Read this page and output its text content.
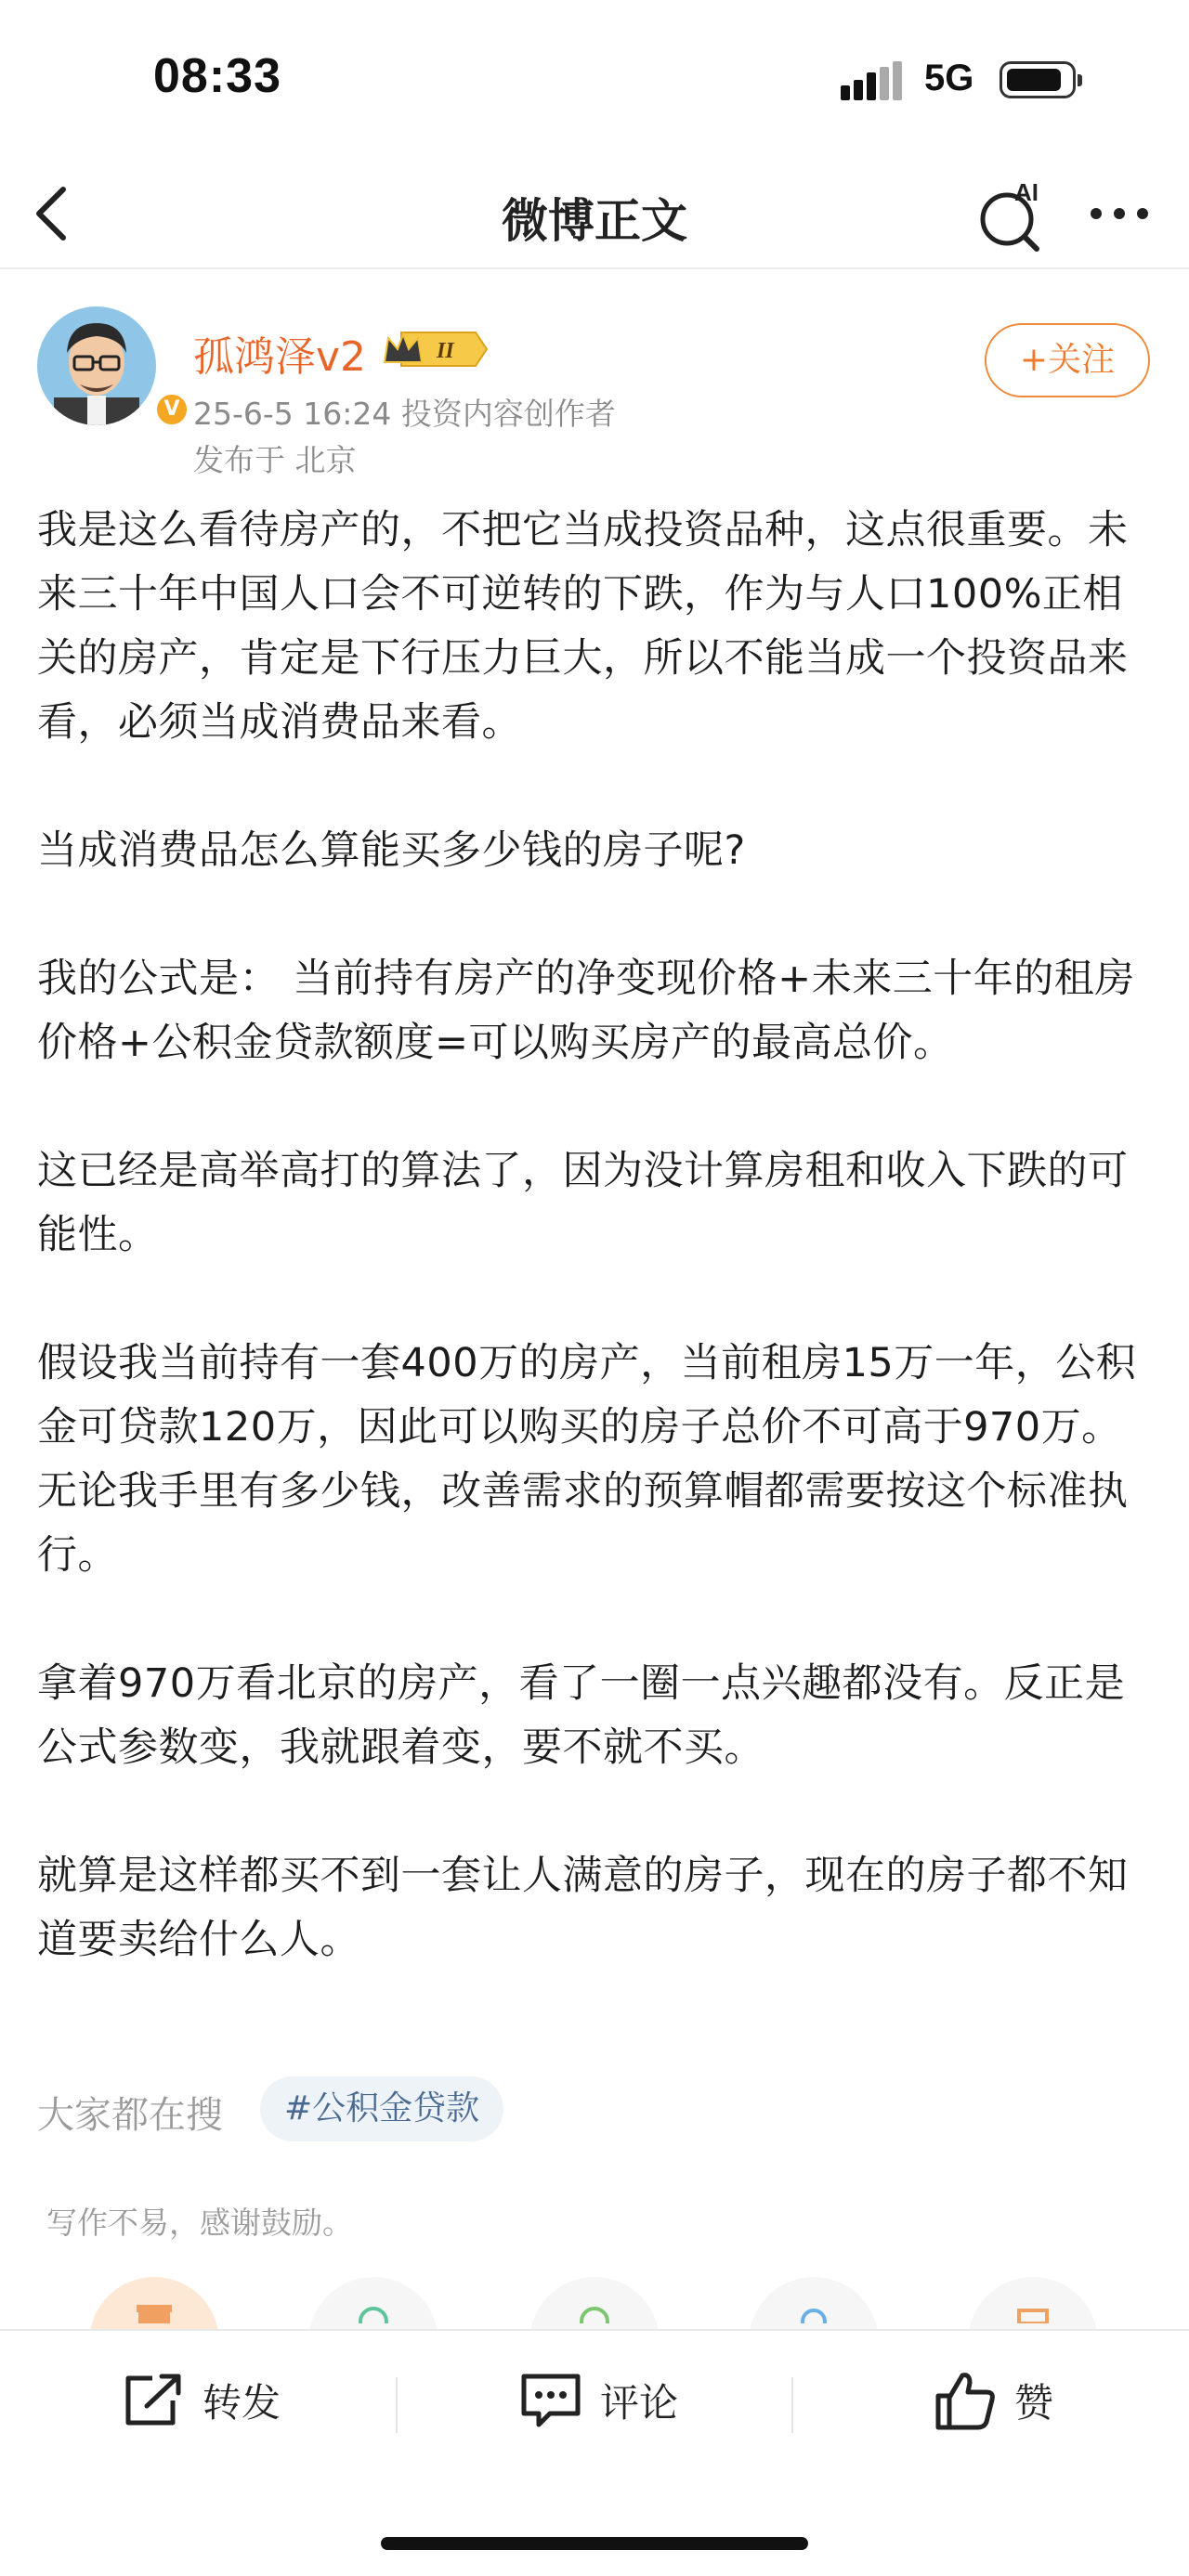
08:33	5G
微博正文
AI
V
孤鸿泽v2	II
25-6-5 16:24 投资内容创作者
发布于 北京
+关注

我是这么看待房产的，不把它当成投资品种，这点很重要。未来三十年中国人口会不可逆转的下跌，作为与人口100%正相关的房产，肯定是下行压力巨大，所以不能当成一个投资品来看，必须当成消费品来看。

当成消费品怎么算能买多少钱的房子呢?

我的公式是： 当前持有房产的净变现价格+未来三十年的租房价格+公积金贷款额度=可以购买房产的最高总价。

这已经是高举高打的算法了，因为没计算房租和收入下跌的可能性。

假设我当前持有一套400万的房产，当前租房15万一年，公积金可贷款120万，因此可以购买的房子总价不可高于970万。无论我手里有多少钱，改善需求的预算帽都需要按这个标准执行。

拿着970万看北京的房产，看了一圈一点兴趣都没有。反正是公式参数变，我就跟着变，要不就不买。

就算是这样都买不到一套让人满意的房子，现在的房子都不知道要卖给什么人。

大家都在搜	#公积金贷款
写作不易，感谢鼓励。
转发	评论	赞
